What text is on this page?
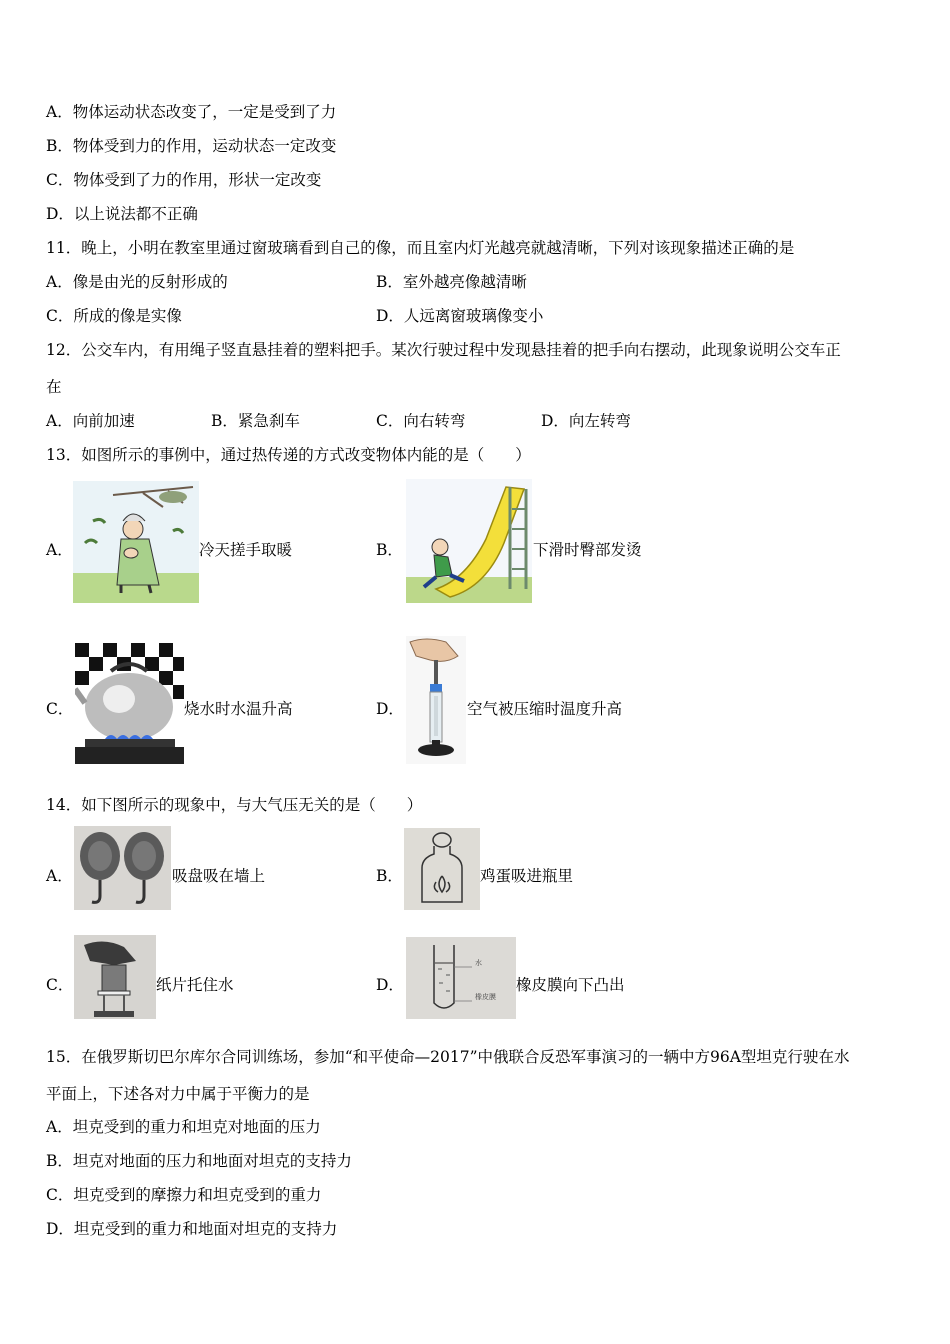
A．物体运动状态改变了，一定是受到了力
B．物体受到力的作用，运动状态一定改变
C．物体受到了力的作用，形状一定改变
D．以上说法都不正确
11．晚上，小明在教室里通过窗玻璃看到自己的像，而且室内灯光越亮就越清晰，下列对该现象描述正确的是
A．像是由光的反射形成的	B．室外越亮像越清晰
C．所成的像是实像	D．人远离窗玻璃像变小
12．公交车内，有用绳子竖直悬挂着的塑料把手。某次行驶过程中发现悬挂着的把手向右摆动，此现象说明公交车正
在
A．向前加速	B．紧急刹车	C．向右转弯	D．向左转弯
13．如图所示的事例中，通过热传递的方式改变物体内能的是（　　）
A．	冷天搓手取暖	B．	下滑时臀部发烫
C．	烧水时水温升高	D．	空气被压缩时温度升高
14．如下图所示的现象中，与大气压无关的是（　　）
A．	吸盘吸在墙上	B．	鸡蛋吸进瓶里
C．	纸片托住水	D．
水
橡皮膜
橡皮膜向下凸出
15．在俄罗斯切巴尔库尔合同训练场，参加“和平使命—2017”中俄联合反恐军事演习的一辆中方96A型坦克行驶在水
平面上，下述各对力中属于平衡力的是
A．坦克受到的重力和坦克对地面的压力
B．坦克对地面的压力和地面对坦克的支持力
C．坦克受到的摩擦力和坦克受到的重力
D．坦克受到的重力和地面对坦克的支持力
